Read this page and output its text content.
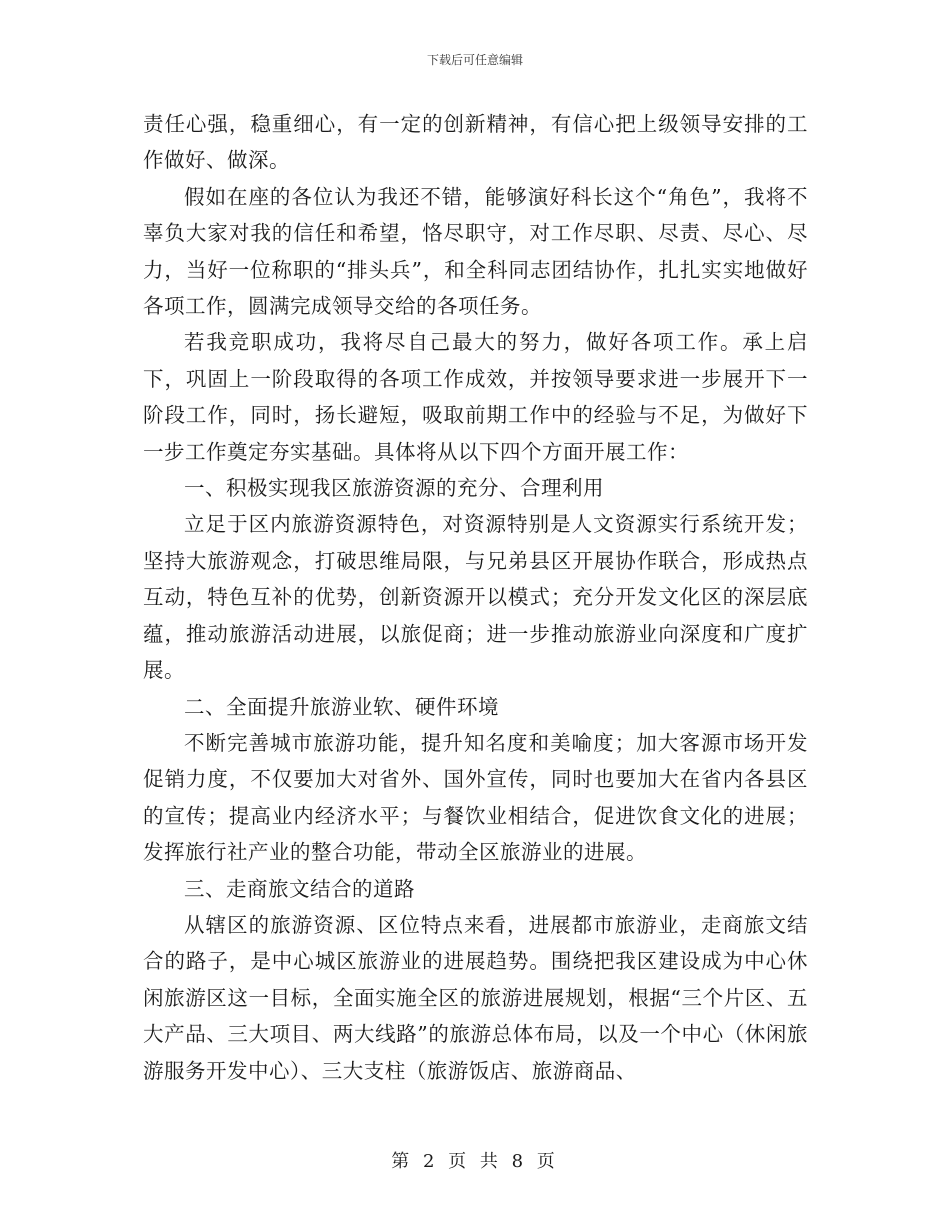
下载后可任意编辑

责任心强，稳重细心，有一定的创新精神，有信心把上级领导安排的工作做好、做深。

假如在座的各位认为我还不错，能够演好科长这个“角色”，我将不辜负大家对我的信任和希望，恪尽职守，对工作尽职、尽责、尽心、尽力，当好一位称职的“排头兵”，和全科同志团结协作，扎扎实实地做好各项工作，圆满完成领导交给的各项任务。

若我竞职成功，我将尽自己最大的努力，做好各项工作。承上启下，巩固上一阶段取得的各项工作成效，并按领导要求进一步展开下一阶段工作，同时，扬长避短，吸取前期工作中的经验与不足，为做好下一步工作奠定夯实基础。具体将从以下四个方面开展工作：

一、积极实现我区旅游资源的充分、合理利用

立足于区内旅游资源特色，对资源特别是人文资源实行系统开发；坚持大旅游观念，打破思维局限，与兄弟县区开展协作联合，形成热点互动，特色互补的优势，创新资源开以模式；充分开发文化区的深层底蕴，推动旅游活动进展，以旅促商；进一步推动旅游业向深度和广度扩展。

二、全面提升旅游业软、硬件环境

不断完善城市旅游功能，提升知名度和美喻度；加大客源市场开发促销力度，不仅要加大对省外、国外宣传，同时也要加大在省内各县区的宣传；提高业内经济水平；与餐饮业相结合，促进饮食文化的进展；发挥旅行社产业的整合功能，带动全区旅游业的进展。

三、走商旅文结合的道路

从辖区的旅游资源、区位特点来看，进展都市旅游业，走商旅文结合的路子，是中心城区旅游业的进展趋势。围绕把我区建设成为中心休闲旅游区这一目标，全面实施全区的旅游进展规划，根据“三个片区、五大产品、三大项目、两大线路”的旅游总体布局，以及一个中心（休闲旅游服务开发中心）、三大支柱（旅游饭店、旅游商品、

第 2 页 共 8 页
